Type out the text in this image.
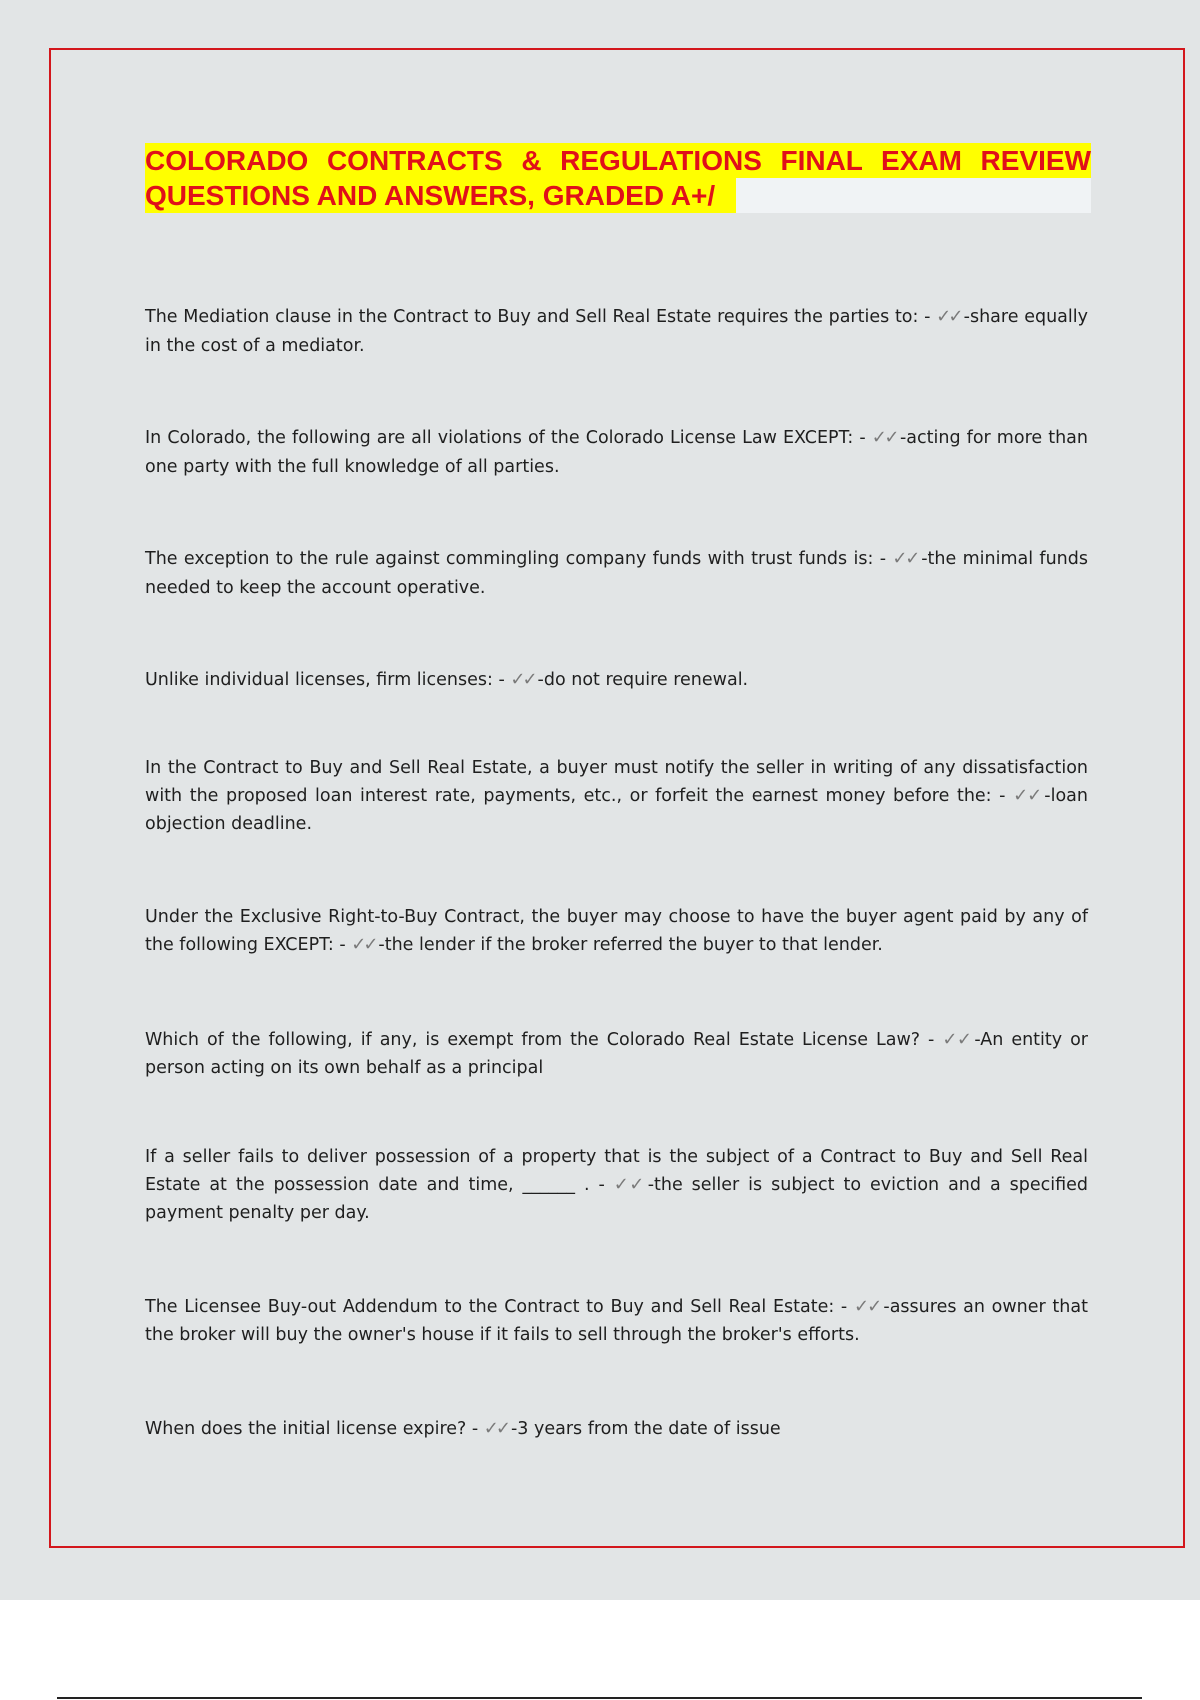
COLORADO CONTRACTS & REGULATIONS FINAL EXAM REVIEW
QUESTIONS AND ANSWERS, GRADED A+/

The Mediation clause in the Contract to Buy and Sell Real Estate requires the parties to: - ✓✓ -share equally in the cost of a mediator.

In Colorado, the following are all violations of the Colorado License Law EXCEPT: - ✓✓ -acting for more than one party with the full knowledge of all parties.

The exception to the rule against commingling company funds with trust funds is: - ✓✓ -the minimal funds needed to keep the account operative.

Unlike individual licenses, firm licenses: - ✓✓ -do not require renewal.

In the Contract to Buy and Sell Real Estate, a buyer must notify the seller in writing of any dissatisfaction with the proposed loan interest rate, payments, etc., or forfeit the earnest money before the: - ✓✓ -loan objection deadline.

Under the Exclusive Right-to-Buy Contract, the buyer may choose to have the buyer agent paid by any of the following EXCEPT: - ✓✓ -the lender if the broker referred the buyer to that lender.

Which of the following, if any, is exempt from the Colorado Real Estate License Law? - ✓✓ -An entity or person acting on its own behalf as a principal

If a seller fails to deliver possession of a property that is the subject of a Contract to Buy and Sell Real Estate at the possession date and time, ______ . - ✓✓ -the seller is subject to eviction and a specified payment penalty per day.

The Licensee Buy-out Addendum to the Contract to Buy and Sell Real Estate: - ✓✓ -assures an owner that the broker will buy the owner's house if it fails to sell through the broker's efforts.

When does the initial license expire? - ✓✓ -3 years from the date of issue
